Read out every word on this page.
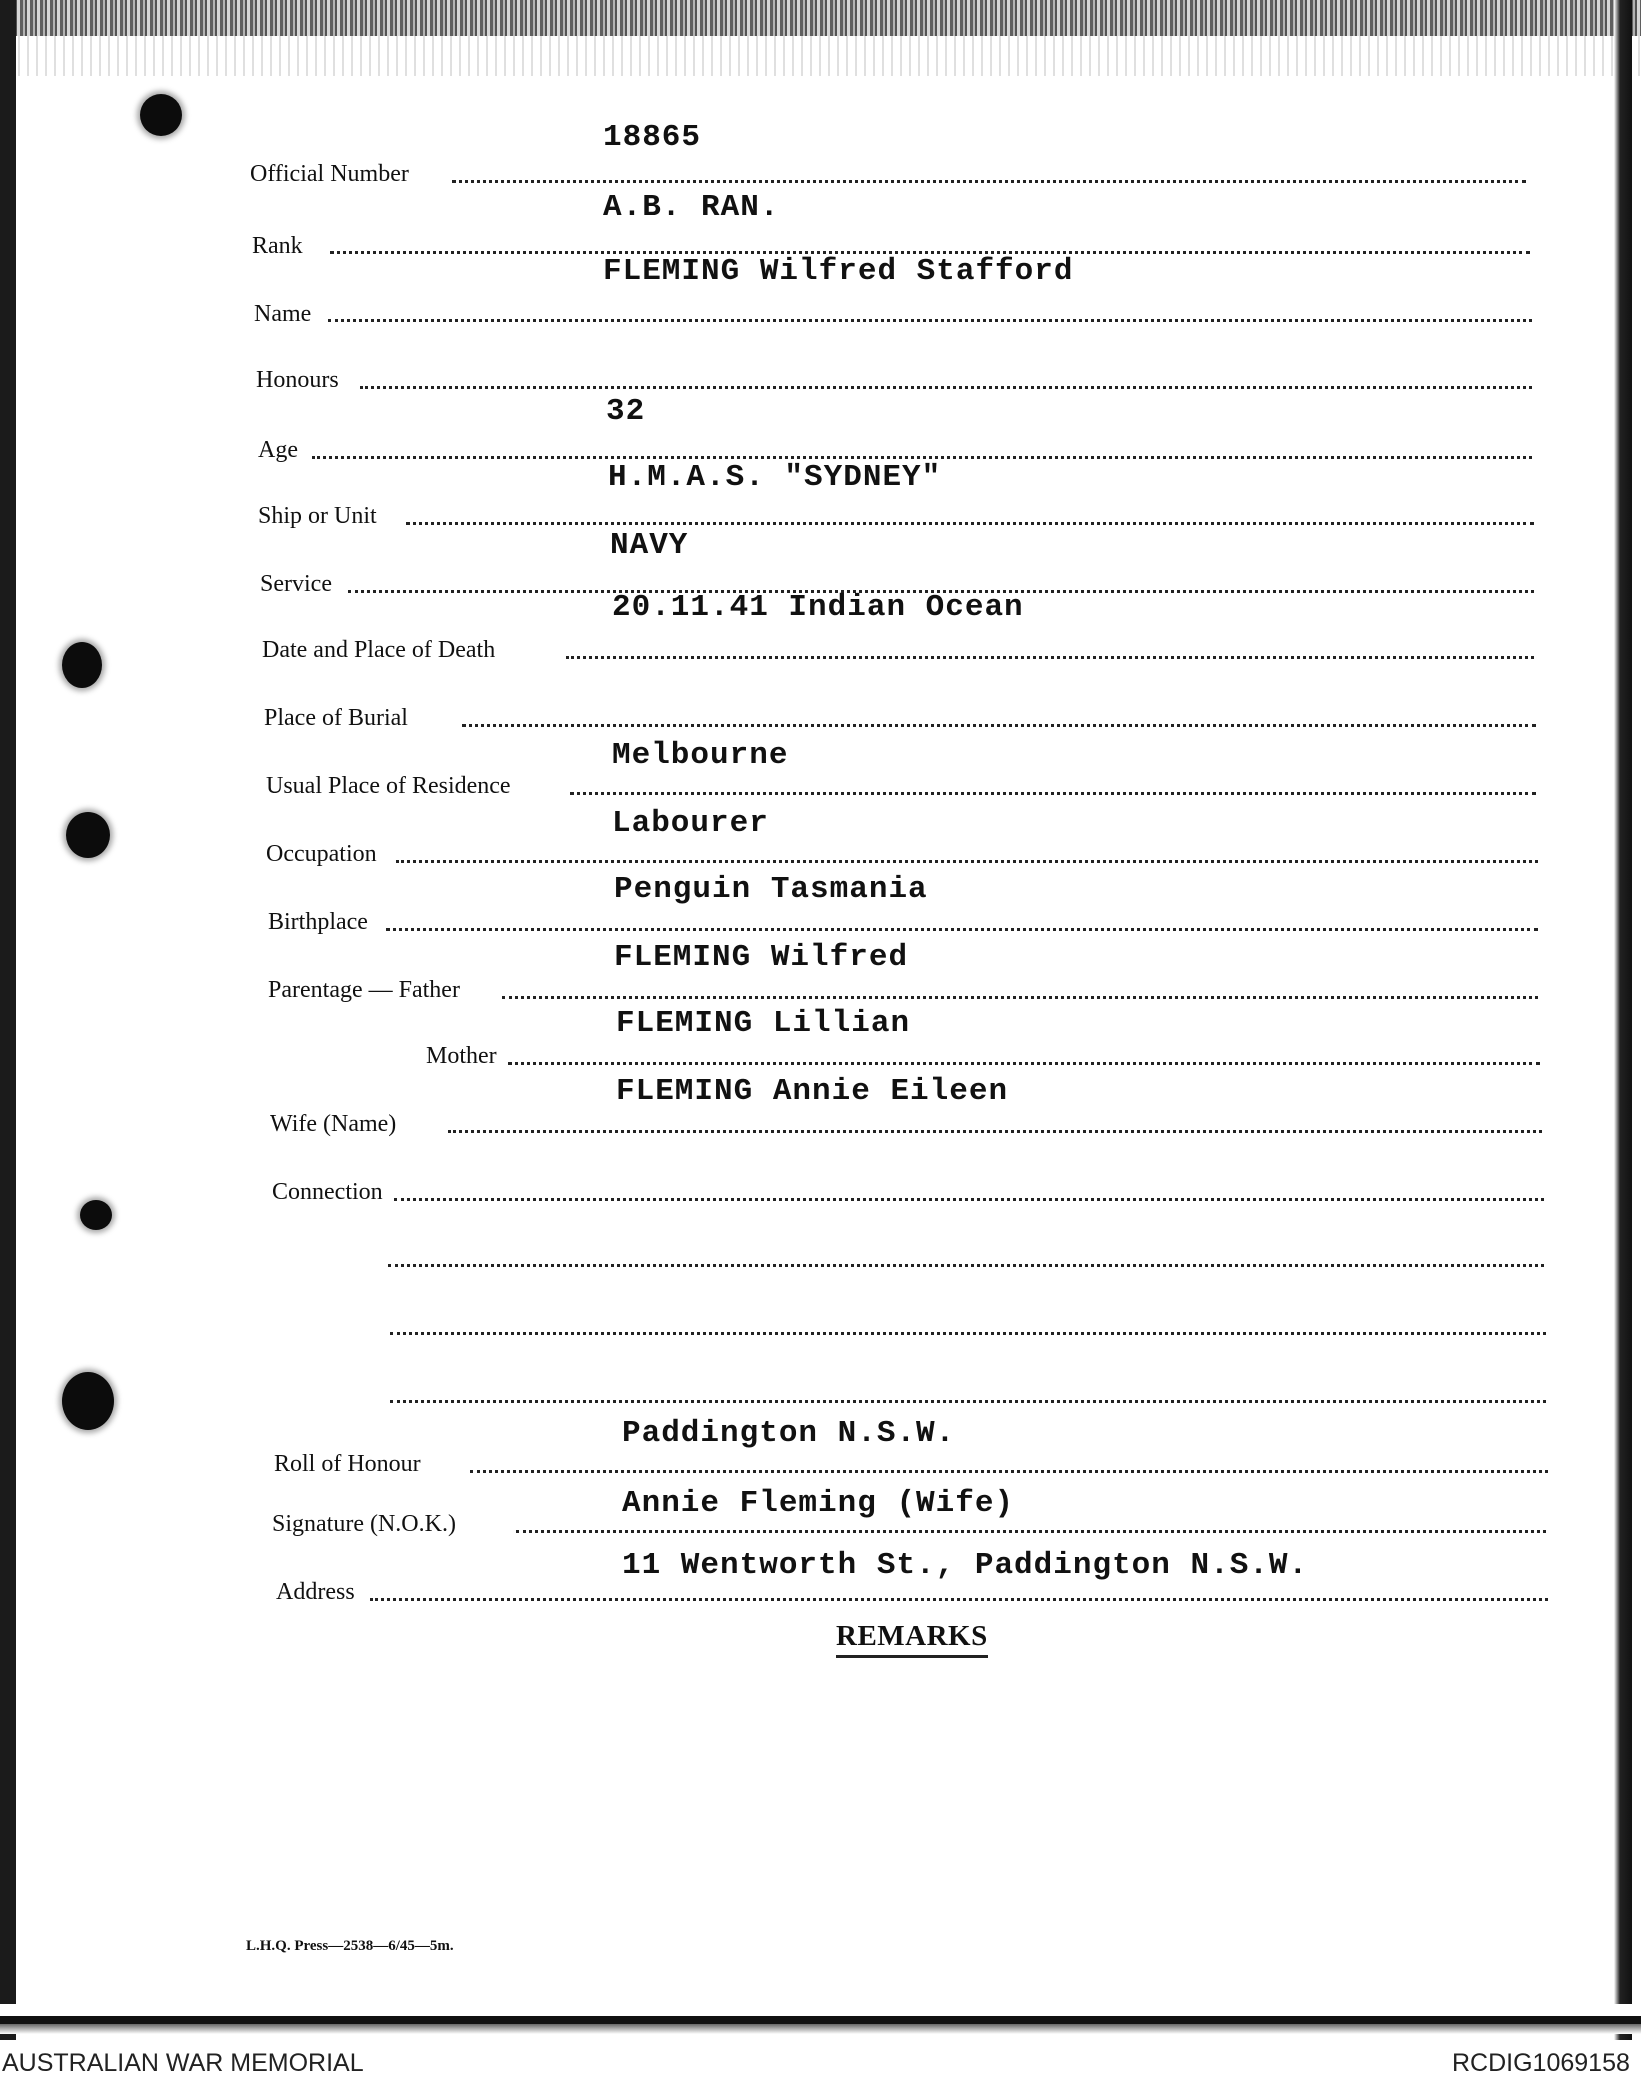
Official Number
18865
Rank
A.B. RAN.
Name
FLEMING Wilfred Stafford
Honours
Age
32
Ship or Unit
H.M.A.S. "SYDNEY"
Service
NAVY
Date and Place of Death
20.11.41 Indian Ocean
Place of Burial
Usual Place of Residence
Melbourne
Occupation
Labourer
Birthplace
Penguin Tasmania
Parentage — Father
FLEMING Wilfred
Mother
FLEMING Lillian
Wife (Name)
FLEMING Annie Eileen
Connection
Roll of Honour
Paddington N.S.W.
Signature (N.O.K.)
Annie Fleming (Wife)
Address
11 Wentworth St., Paddington N.S.W.
REMARKS
L.H.Q. Press—2538—6/45—5m.
AUSTRALIAN WAR MEMORIAL	RCDIG1069158
